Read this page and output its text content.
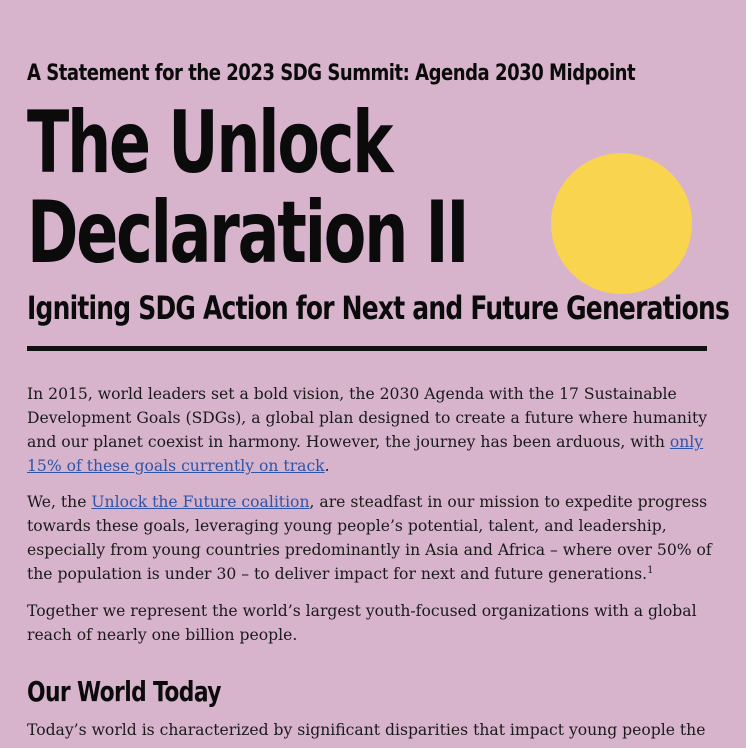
A Statement for the 2023 SDG Summit: Agenda 2030 Midpoint
The Unlock
Declaration II
Igniting SDG Action for Next and Future Generations

In 2015, world leaders set a bold vision, the 2030 Agenda with the 17 Sustainable Development Goals (SDGs), a global plan designed to create a future where humanity and our planet coexist in harmony. However, the journey has been arduous, with only 15% of these goals currently on track.

We, the Unlock the Future coalition, are steadfast in our mission to expedite progress towards these goals, leveraging young people’s potential, talent, and leadership, especially from young countries predominantly in Asia and Africa – where over 50% of the population is under 30 – to deliver impact for next and future generations.$^1$

Together we represent the world’s largest youth-focused organizations with a global reach of nearly one billion people.

Our World Today

Today’s world is characterized by significant disparities that impact young people the
